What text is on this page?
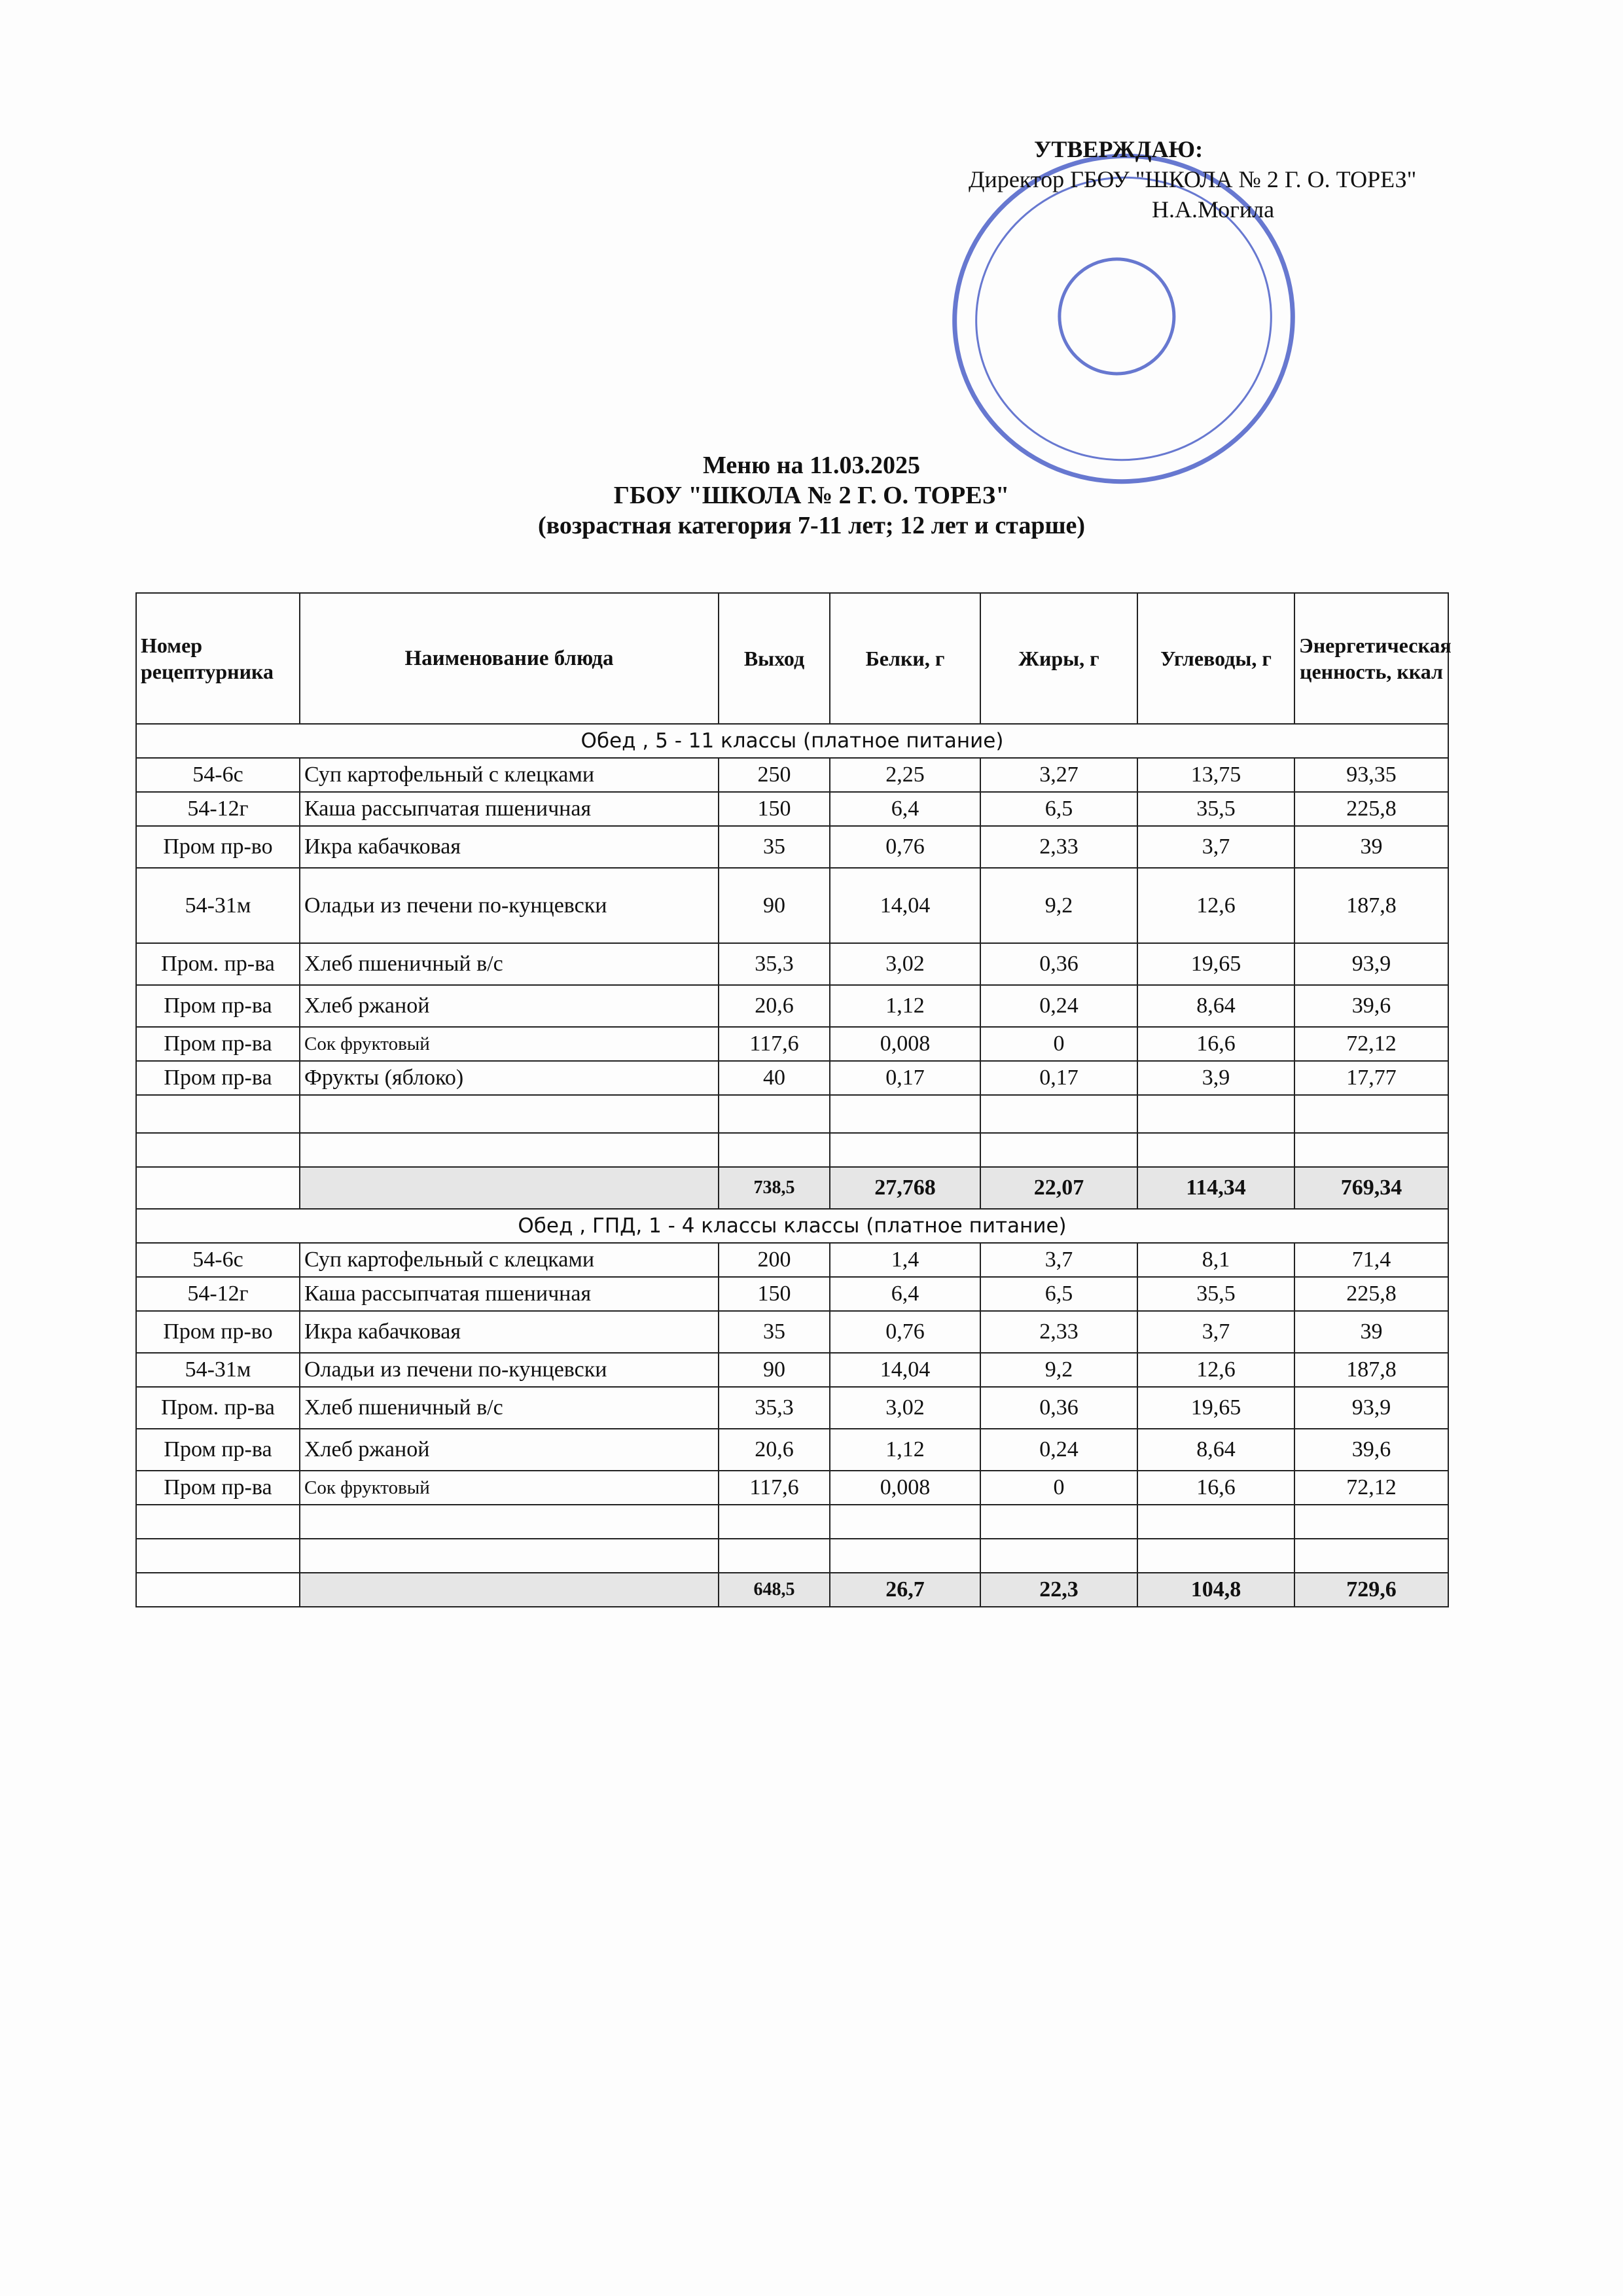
УТВЕРЖДАЮ:
Директор ГБОУ "ШКОЛА № 2 Г. О. ТОРЕЗ"
Н.А.Могила
Меню на 11.03.2025
ГБОУ "ШКОЛА № 2 Г. О. ТОРЕЗ"
(возрастная категория 7-11 лет; 12 лет и старше)
Номер рецептурника	Наименование блюда	Выход	Белки, г	Жиры, г	Углеводы, г	Энергетическая ценность, ккал
Обед , 5 - 11 классы (платное питание)						
54-6с	Суп картофельный с клецками	250	2,25	3,27	13,75	93,35
54-12г	Каша рассыпчатая пшеничная	150	6,4	6,5	35,5	225,8
Пром пр-во	Икра кабачковая	35	0,76	2,33	3,7	39
54-31м	Оладьи из печени по-кунцевски	90	14,04	9,2	12,6	187,8
Пром. пр-ва	Хлеб пшеничный в/с	35,3	3,02	0,36	19,65	93,9
Пром пр-ва	Хлеб ржаной	20,6	1,12	0,24	8,64	39,6
Пром пр-ва	Сок фруктовый	117,6	0,008	0	16,6	72,12
Пром пр-ва	Фрукты (яблоко)	40	0,17	0,17	3,9	17,77

		738,5	27,768	22,07	114,34	769,34
Обед , ГПД, 1 - 4 классы классы (платное питание)						
54-6с	Суп картофельный с клецками	200	1,4	3,7	8,1	71,4
54-12г	Каша рассыпчатая пшеничная	150	6,4	6,5	35,5	225,8
Пром пр-во	Икра кабачковая	35	0,76	2,33	3,7	39
54-31м	Оладьи из печени по-кунцевски	90	14,04	9,2	12,6	187,8
Пром. пр-ва	Хлеб пшеничный в/с	35,3	3,02	0,36	19,65	93,9
Пром пр-ва	Хлеб ржаной	20,6	1,12	0,24	8,64	39,6
Пром пр-ва	Сок фруктовый	117,6	0,008	0	16,6	72,12

		648,5	26,7	22,3	104,8	729,6
